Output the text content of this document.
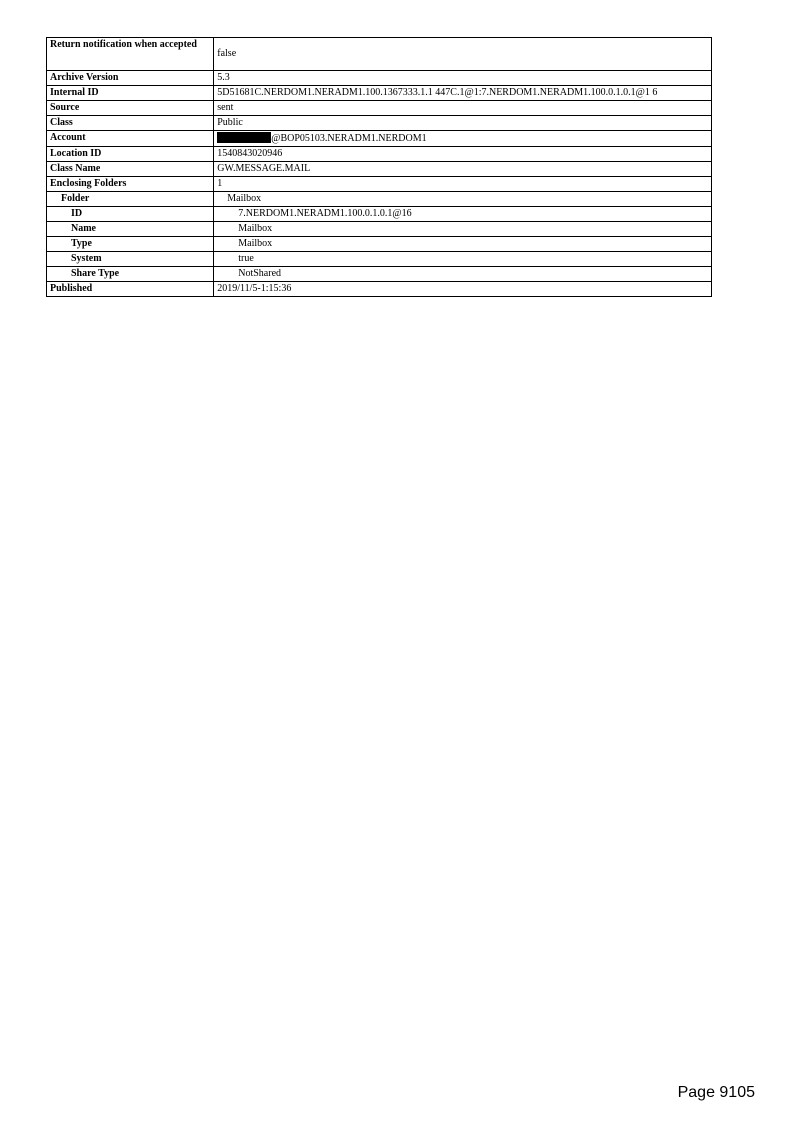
Return notification when accepted	false
Archive Version	5.3
Internal ID	5D51681C.NERDOM1.NERADM1.100.1367333.1.1 447C.1@1:7.NERDOM1.NERADM1.100.0.1.0.1@1 6
Source	sent
Class	Public
Account	@BOP05103.NERADM1.NERDOM1
Location ID	1540843020946
Class Name	GW.MESSAGE.MAIL
Enclosing Folders	1
Folder	Mailbox
ID	7.NERDOM1.NERADM1.100.0.1.0.1@16
Name	Mailbox
Type	Mailbox
System	true
Share Type	NotShared
Published	2019/11/5-1:15:36
Page 9105
